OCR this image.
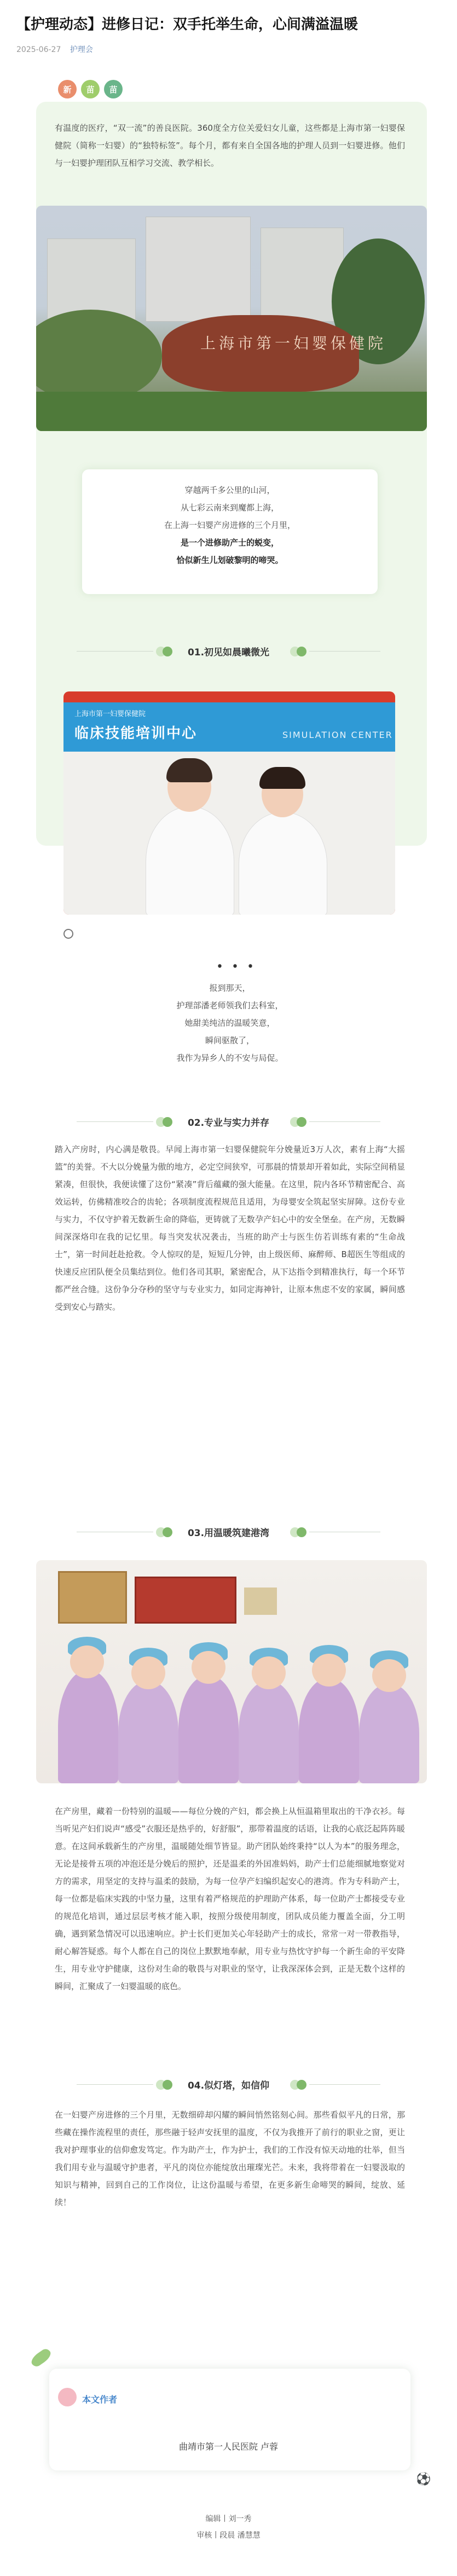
【护理动态】进修日记：双手托举生命，心间满溢温暖
2025-06-27 护理会
新	苗	苗
有温度的医疗，“双一流”的善良医院。360度全方位关爱妇女儿童，这些都是上海市第一妇婴保健院（简称一妇婴）的“独特标签”。每个月，都有来自全国各地的护理人员到一妇婴进修。他们与一妇婴护理团队互相学习交流、教学相长。
上海市第一妇婴保健院
穿越两千多公里的山河，
从七彩云南来到魔都上海，
在上海一妇婴产房进修的三个月里，
是一个进修助产士的蜕变，
恰似新生儿划破黎明的啼哭。
01.初见如晨曦微光
上海市第一妇婴保健院
临床技能培训中心	SIMULATION CENTER
• • •
报到那天，
护理部潘老师领我们去科室，
她甜美纯洁的温暖笑意，
瞬间驱散了，
我作为异乡人的不安与局促。
02.专业与实力并存
踏入产房时，内心满是敬畏。早闻上海市第一妇婴保健院年分娩量近3万人次，素有上海“大摇篮”的美誉。不大以分娩量为傲的地方，必定空间狭窄，可那晨的情景却开着如此，实际空间稍显紧凑，但很快，我便读懂了这份“紧凑”背后蕴藏的强大能量。在这里，院内各环节精密配合、高效运转，仿佛精准咬合的齿轮；各项制度流程规范且适用，为母婴安全筑起坚实屏障。这份专业与实力，不仅守护着无数新生命的降临，更铸就了无数孕产妇心中的安全堡垒。在产房，无数瞬间深深烙印在我的记忆里。每当突发状况袭击，当班的助产士与医生仿若训练有素的“生命战士”，第一时间赶赴抢救。令人惊叹的是，短短几分钟，由上级医师、麻醉师、B超医生等组成的快速反应团队便全员集结到位。他们各司其职，紧密配合，从下达指令到精准执行，每一个环节都严丝合缝。这份争分夺秒的坚守与专业实力，如同定海神针，让原本焦虑不安的家属，瞬间感受到安心与踏实。
03.用温暖筑建港湾
在产房里，藏着一份特别的温暖——每位分娩的产妇，都会换上从恒温箱里取出的干净衣衫。每当听见产妇们说声“感受”衣服还是热乎的，好舒服”，那带着温度的话语，让我的心底泛起阵阵暖意。在这间承载新生的产房里，温暖随处细节皆显。助产团队始终秉持“以人为本”的服务理念，无论是接骨五项的冲泡还是分娩后的照护，还是温柔的外囯准妈妈，助产士们总能细腻地察觉对方的需求，用坚定的支持与温柔的鼓励，为每一位孕产妇编织起安心的港湾。作为专科助产士，每一位都是临床实践的中坚力量，这里有着严格规范的护理助产体系，每一位助产士都接受专业的规范化培训，通过层层考核才能入职，按照分级使用制度，团队成员能力覆盖全面，分工明确，遇到紧急情况可以迅速响应。护士长们更加关心年轻助产士的成长，常常一对一带教指导，耐心解答疑惑。每个人都在自己的岗位上默默地奉献，用专业与热忱守护每一个新生命的平安降生，用专业守护健康，这份对生命的敬畏与对职业的坚守，让我深深体会到，正是无数个这样的瞬间，汇聚成了一妇婴温暖的底色。
04.似灯塔，如信仰
在一妇婴产房进修的三个月里，无数细碎却闪耀的瞬间悄然铭刻心间。那些看似平凡的日常，那些藏在操作流程里的责任，那些融于轻声安抚里的温度，不仅为我推开了前行的职业之窗，更让我对护理事业的信仰愈发笃定。作为助产士，作为护士，我们的工作没有惊天动地的壮举，但当我们用专业与温暖守护患者，平凡的岗位亦能绽放出璀璨光芒。未来，我将带着在一妇婴汲取的知识与精神，回到自己的工作岗位，让这份温暖与希望，在更多新生命啼哭的瞬间，绽放、延续！
本文作者
曲靖市第一人民医院 卢蓉
⚽
编辑丨刘一秀
审核丨段晨 潘慧慧
